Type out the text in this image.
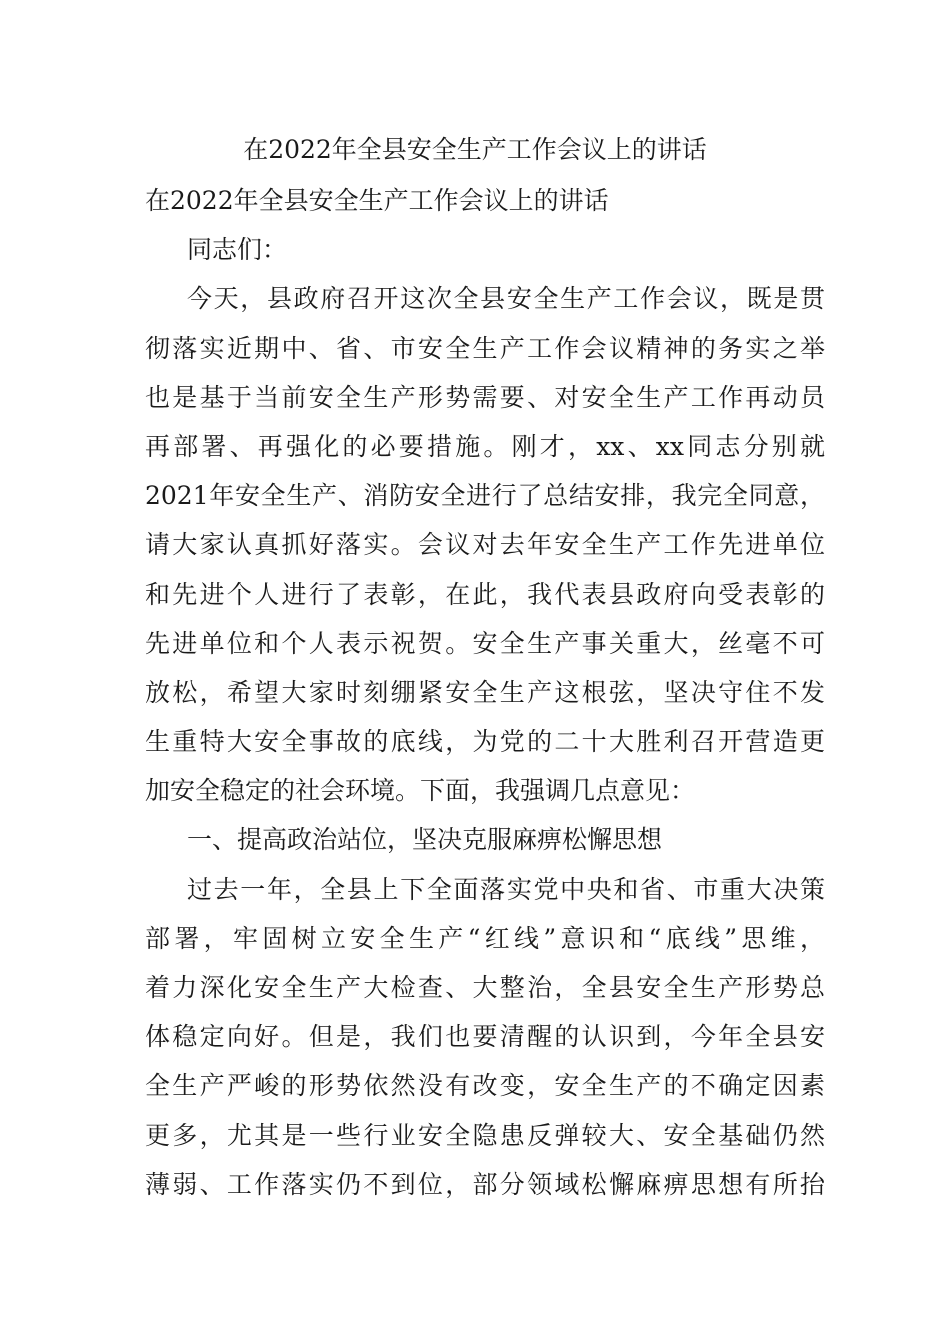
在2022年全县安全生产工作会议上的讲话
在2022年全县安全生产工作会议上的讲话
同志们：
今天，县政府召开这次全县安全生产工作会议，既是贯
彻落实近期中、省、市安全生产工作会议精神的务实之举
也是基于当前安全生产形势需要、对安全生产工作再动员
再部署、再强化的必要措施。刚才，xx、xx同志分别就
2021年安全生产、消防安全进行了总结安排，我完全同意，
请大家认真抓好落实。会议对去年安全生产工作先进单位
和先进个人进行了表彰，在此，我代表县政府向受表彰的
先进单位和个人表示祝贺。安全生产事关重大，丝毫不可
放松，希望大家时刻绷紧安全生产这根弦，坚决守住不发
生重特大安全事故的底线，为党的二十大胜利召开营造更
加安全稳定的社会环境。下面，我强调几点意见：
一、提高政治站位，坚决克服麻痹松懈思想
过去一年，全县上下全面落实党中央和省、市重大决策
部署，牢固树立安全生产“红线”意识和“底线”思维，
着力深化安全生产大检查、大整治，全县安全生产形势总
体稳定向好。但是，我们也要清醒的认识到，今年全县安
全生产严峻的形势依然没有改变，安全生产的不确定因素
更多，尤其是一些行业安全隐患反弹较大、安全基础仍然
薄弱、工作落实仍不到位，部分领域松懈麻痹思想有所抬
